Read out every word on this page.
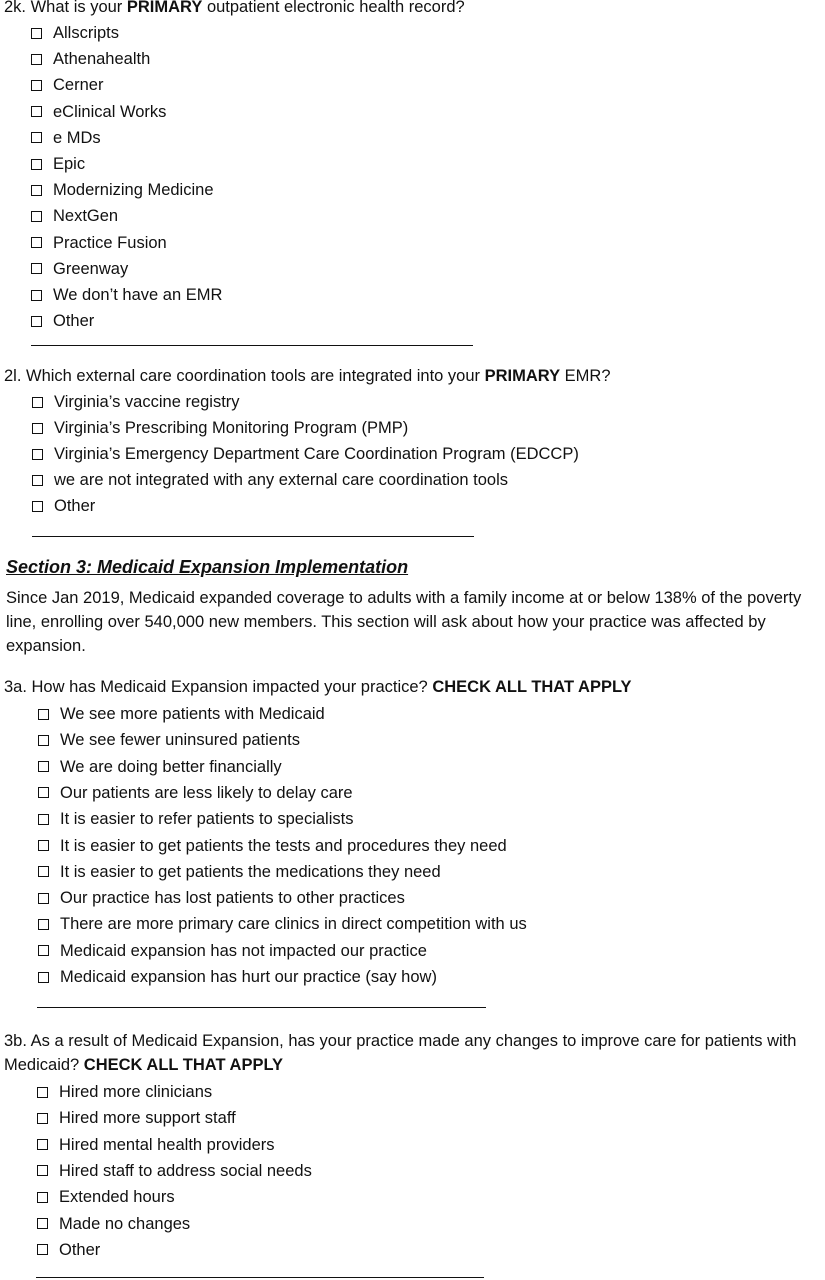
2k. What is your PRIMARY outpatient electronic health record?
Allscripts
Athenahealth
Cerner
eClinical Works
e MDs
Epic
Modernizing Medicine
NextGen
Practice Fusion
Greenway
We don’t have an EMR
Other
2l. Which external care coordination tools are integrated into your PRIMARY EMR?
Virginia’s vaccine registry
Virginia’s Prescribing Monitoring Program (PMP)
Virginia’s Emergency Department Care Coordination Program (EDCCP)
we are not integrated with any external care coordination tools
Other
Section 3: Medicaid Expansion Implementation
Since Jan 2019, Medicaid expanded coverage to adults with a family income at or below 138% of the poverty line, enrolling over 540,000 new members. This section will ask about how your practice was affected by expansion.
3a. How has Medicaid Expansion impacted your practice? CHECK ALL THAT APPLY
We see more patients with Medicaid
We see fewer uninsured patients
We are doing better financially
Our patients are less likely to delay care
It is easier to refer patients to specialists
It is easier to get patients the tests and procedures they need
It is easier to get patients the medications they need
Our practice has lost patients to other practices
There are more primary care clinics in direct competition with us
Medicaid expansion has not impacted our practice
Medicaid expansion has hurt our practice (say how)
3b. As a result of Medicaid Expansion, has your practice made any changes to improve care for patients with Medicaid? CHECK ALL THAT APPLY
Hired more clinicians
Hired more support staff
Hired mental health providers
Hired staff to address social needs
Extended hours
Made no changes
Other
